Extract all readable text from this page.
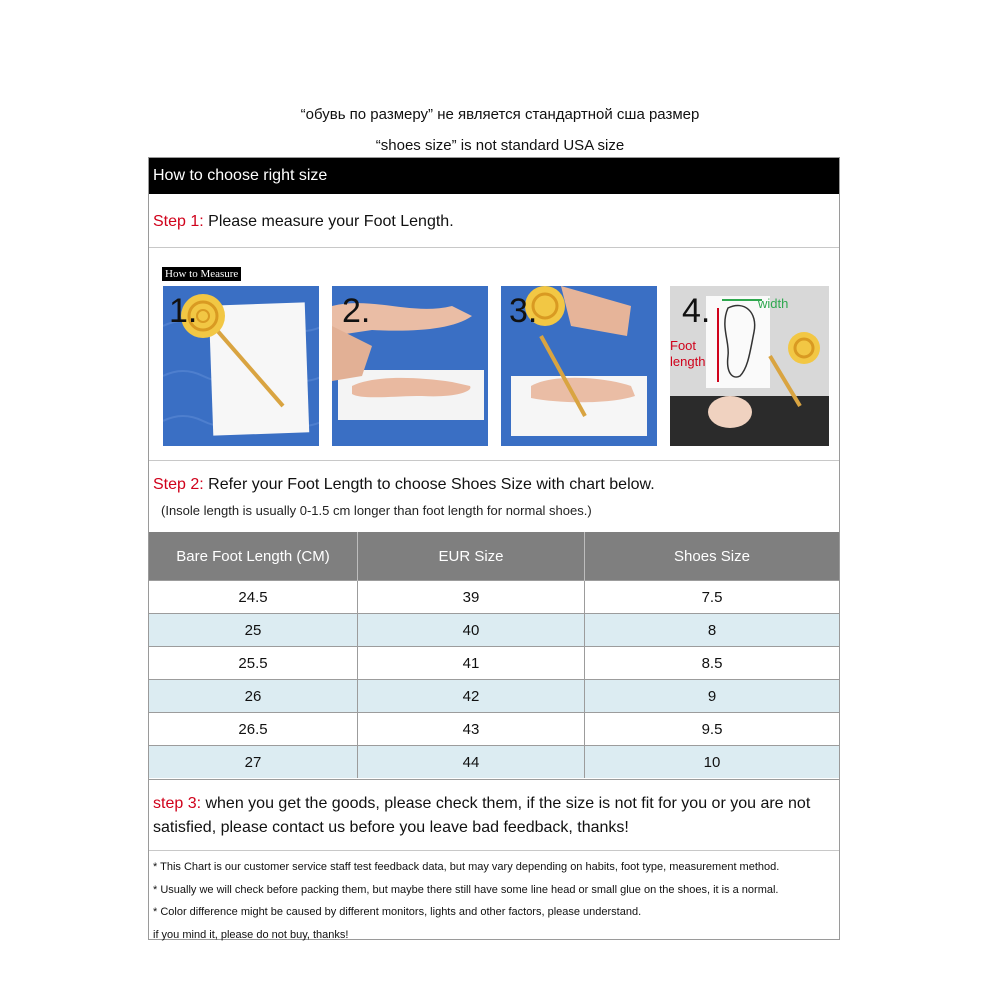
“обувь по размеру” не является стандартной сша размер
“shoes size” is not standard USA size
How to choose right size
Step 1: Please measure your Foot Length.
How to Measure
1.	2.	3.	4.	width
Foot
length
Step 2: Refer your Foot Length to choose Shoes Size with chart below.
(Insole length is usually 0-1.5 cm longer than foot length for normal shoes.)
Bare Foot Length (CM)	EUR Size	Shoes Size
24.5	39	7.5
25	40	8
25.5	41	8.5
26	42	9
26.5	43	9.5
27	44	10
step 3: when you get the goods, please check them, if the size is not fit for you or you are not satisfied, please contact us before you leave bad feedback, thanks!
* This Chart is our customer service staff test feedback data, but may vary depending on habits, foot type, measurement method.
* Usually we will check before packing them, but maybe there still have some line head or small glue on the shoes, it is a normal.
* Color difference might be caused by different monitors, lights and other factors, please understand.
if you mind it, please do not buy, thanks!
